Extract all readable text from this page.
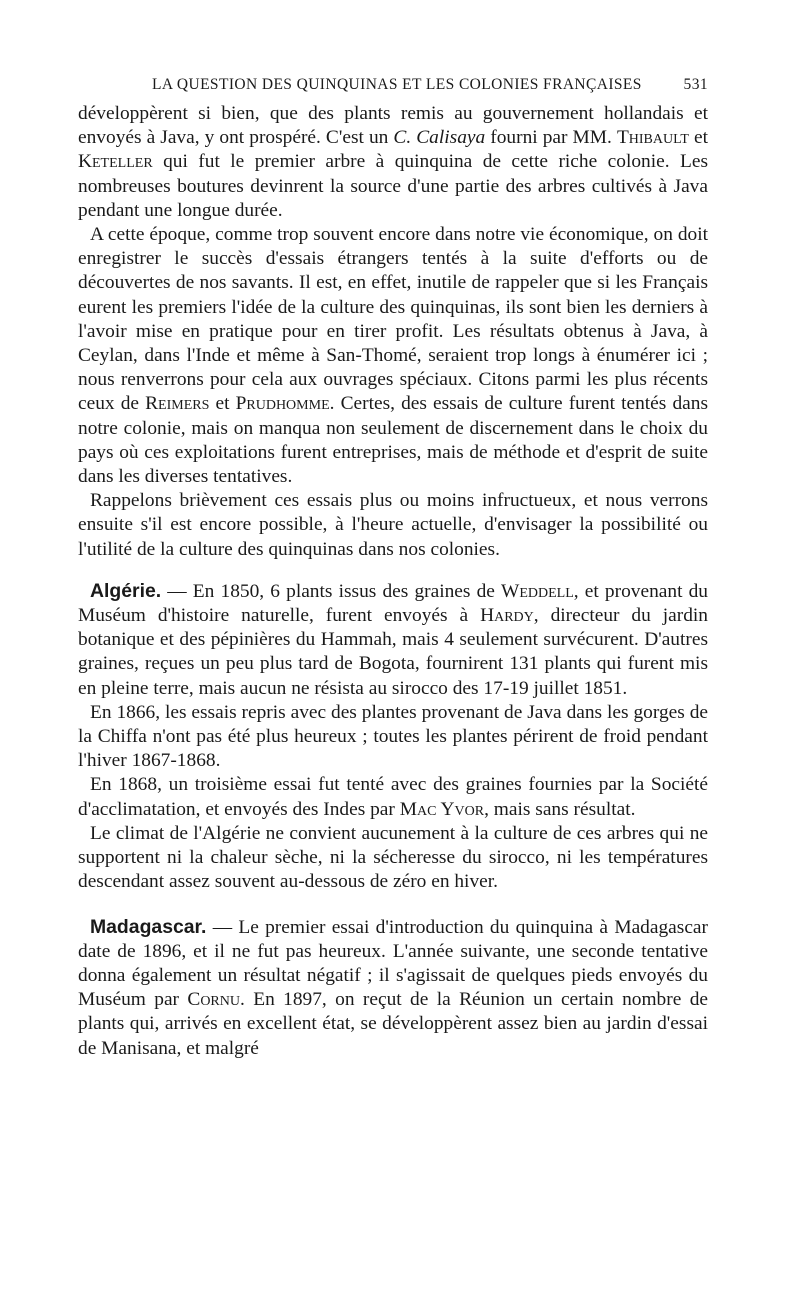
LA QUESTION DES QUINQUINAS ET LES COLONIES FRANÇAISES	531

développèrent si bien, que des plants remis au gouvernement hollandais et envoyés à Java, y ont prospéré. C'est un C. Calisaya fourni par MM. Thibault et Keteller qui fut le premier arbre à quinquina de cette riche colonie. Les nombreuses boutures devinrent la source d'une partie des arbres cultivés à Java pendant une longue durée.

A cette époque, comme trop souvent encore dans notre vie économique, on doit enregistrer le succès d'essais étrangers tentés à la suite d'efforts ou de découvertes de nos savants. Il est, en effet, inutile de rappeler que si les Français eurent les premiers l'idée de la culture des quinquinas, ils sont bien les derniers à l'avoir mise en pratique pour en tirer profit. Les résultats obtenus à Java, à Ceylan, dans l'Inde et même à San-Thomé, seraient trop longs à énumérer ici ; nous renverrons pour cela aux ouvrages spéciaux. Citons parmi les plus récents ceux de Reimers et Prudhomme. Certes, des essais de culture furent tentés dans notre colonie, mais on manqua non seulement de discernement dans le choix du pays où ces exploitations furent entreprises, mais de méthode et d'esprit de suite dans les diverses tentatives.

Rappelons brièvement ces essais plus ou moins infructueux, et nous verrons ensuite s'il est encore possible, à l'heure actuelle, d'envisager la possibilité ou l'utilité de la culture des quinquinas dans nos colonies.

Algérie. — En 1850, 6 plants issus des graines de Weddell, et provenant du Muséum d'histoire naturelle, furent envoyés à Hardy, directeur du jardin botanique et des pépinières du Hammah, mais 4 seulement survécurent. D'autres graines, reçues un peu plus tard de Bogota, fournirent 131 plants qui furent mis en pleine terre, mais aucun ne résista au sirocco des 17-19 juillet 1851.

En 1866, les essais repris avec des plantes provenant de Java dans les gorges de la Chiffa n'ont pas été plus heureux ; toutes les plantes périrent de froid pendant l'hiver 1867-1868.

En 1868, un troisième essai fut tenté avec des graines fournies par la Société d'acclimatation, et envoyés des Indes par Mac Yvor, mais sans résultat.

Le climat de l'Algérie ne convient aucunement à la culture de ces arbres qui ne supportent ni la chaleur sèche, ni la sécheresse du sirocco, ni les températures descendant assez souvent au-dessous de zéro en hiver.

Madagascar. — Le premier essai d'introduction du quinquina à Madagascar date de 1896, et il ne fut pas heureux. L'année suivante, une seconde tentative donna également un résultat négatif ; il s'agissait de quelques pieds envoyés du Muséum par Cornu. En 1897, on reçut de la Réunion un certain nombre de plants qui, arrivés en excellent état, se développèrent assez bien au jardin d'essai de Manisana, et malgré
